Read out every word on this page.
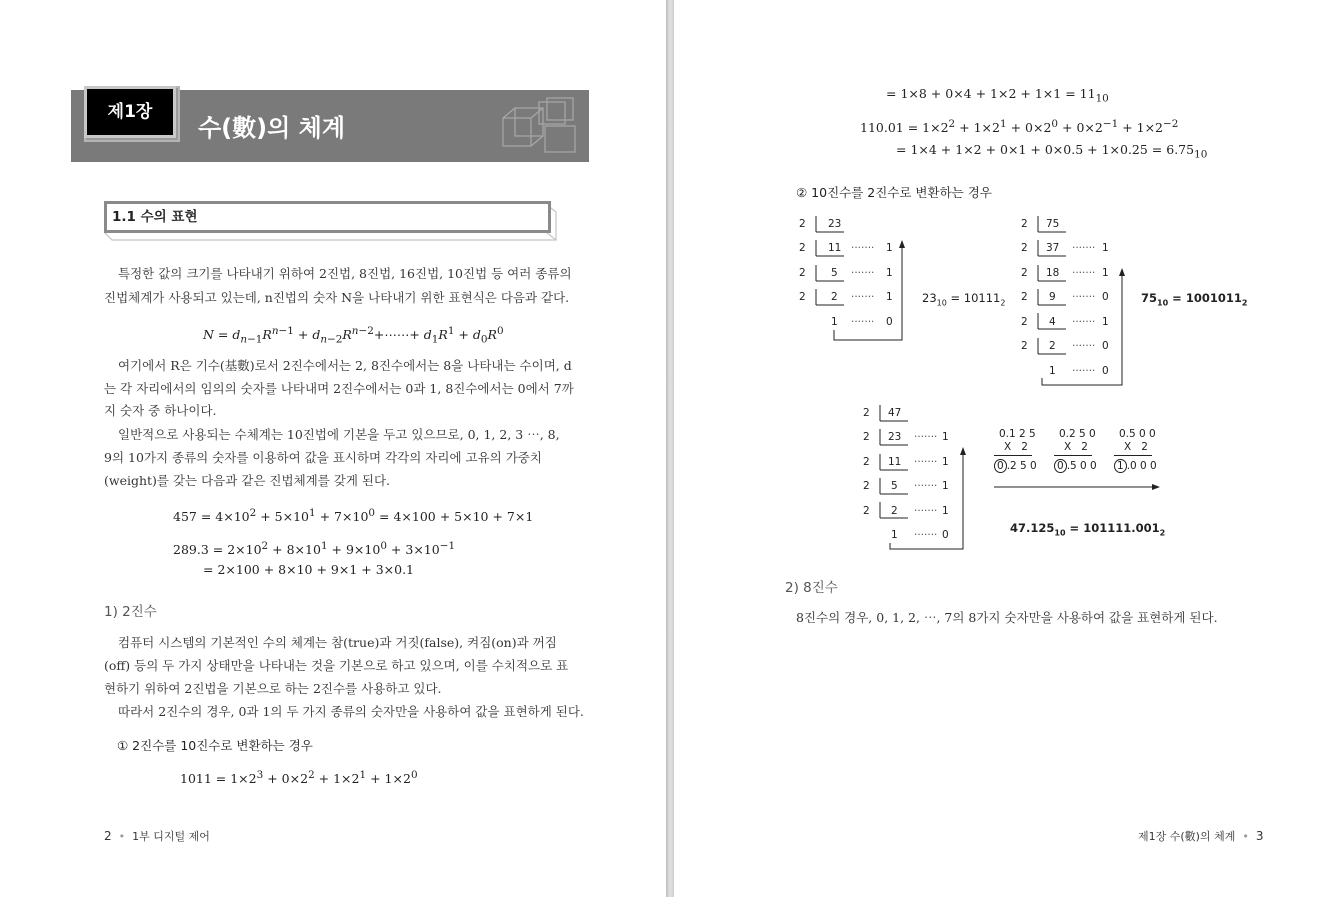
제1장
수(數)의 체계
1.1 수의 표현
특정한 값의 크기를 나타내기 위하여 2진법, 8진법, 16진법, 10진법 등 여러 종류의
진법체계가 사용되고 있는데, n진법의 숫자 N을 나타내기 위한 표현식은 다음과 같다.
$N = d_{n-1}R^{n-1}$ + $d_{n-2}R^{n-2}+\cdots\cdots+ d_1R^1 + d_0R^0$
여기에서 R은 기수(基數)로서 2진수에서는 2, 8진수에서는 8을 나타내는 수이며, d
는 각 자리에서의 임의의 숫자를 나타내며 2진수에서는 0과 1, 8진수에서는 0에서 7까
지 숫자 중 하나이다.
일반적으로 사용되는 수체계는 10진법에 기본을 두고 있으므로, 0, 1, 2, 3 ⋯, 8,
9의 10가지 종류의 숫자를 이용하여 값을 표시하며 각각의 자리에 고유의 가중치
(weight)를 갖는 다음과 같은 진법체계를 갖게 된다.
$457 = 4\times 10^2 + 5\times 10^1 + 7\times 10^0 = 4\times 100 + 5\times 10 + 7\times 1$
$289.3 = 2\times 10^2 + 8\times 10^1 + 9\times 10^0 + 3\times 10^{-1}$
= 2×100 + 8×10 + 9×1 + 3×0.1
1) 2진수
컴퓨터 시스템의 기본적인 수의 체계는 참(true)과 거짓(false), 켜짐(on)과 꺼짐
(off) 등의 두 가지 상태만을 나타내는 것을 기본으로 하고 있으며, 이를 수치적으로 표
현하기 위하여 2진법을 기본으로 하는 2진수를 사용하고 있다.
따라서 2진수의 경우, 0과 1의 두 가지 종류의 숫자만을 사용하여 값을 표현하게 된다.
① 2진수를 10진수로 변환하는 경우
$1011 = 1\times 2^3 + 0\times 2^2 + 1\times 2^1 + 1\times 2^0$
2  •  1부 디지털 제어
= $1\times 8 + 0\times 4 + 1\times 2 + 1\times 1 = 11_{10}$
$110.01 = 1\times 2^2 + 1\times 2^1 + 0\times 2^0 + 0\times 2^{-1} + 1\times 2^{-2}$
= $1\times 4 + 1\times 2 + 0\times 1 + 0\times 0.5 + 1\times 0.25 = 6.75_{10}$
② 10진수를 2진수로 변환하는 경우
2 23
2 11 ······· 1
2 5 ······· 1
2 2 ······· 1
1 ······· 0
$23_{10} = 10111_2$
2 75
2 37 ······· 1
2 18 ······· 1
2 9 ······· 0
2 4 ······· 1
2 2 ······· 0
1 ······· 0
$75_{10} = 1001011_2$
2 47
2 23 ······· 1
2 11 ······· 1
2 5 ······· 1
2 2 ······· 1
1 ······· 0
0.1 2 5
X   2
0 .2 5 0
0.2 5 0
X   2
0 .5 0 0
0.5 0 0
X   2
1 .0 0 0
$47.125_{10} = 101111.001_2$
2) 8진수
8진수의 경우, 0, 1, 2, ⋯, 7의 8가지 숫자만을 사용하여 값을 표현하게 된다.
제1장 수(數)의 체계  •  3
